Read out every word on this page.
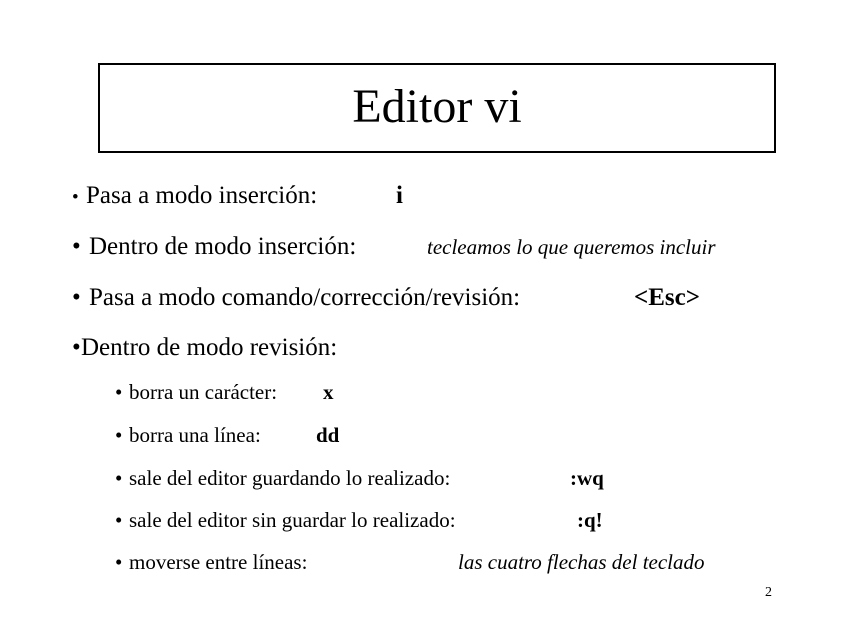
Editor vi
• Pasa a modo inserción:	i
• Dentro de modo inserción:	tecleamos lo que queremos incluir
• Pasa a modo comando/corrección/revisión:	<Esc>
• Dentro de modo revisión:
• borra un carácter: x
• borra una línea:	dd
• sale del editor guardando lo realizado:	:wq
• sale del editor sin guardar lo realizado:	:q!
• moverse entre líneas:	las cuatro flechas del teclado
2
